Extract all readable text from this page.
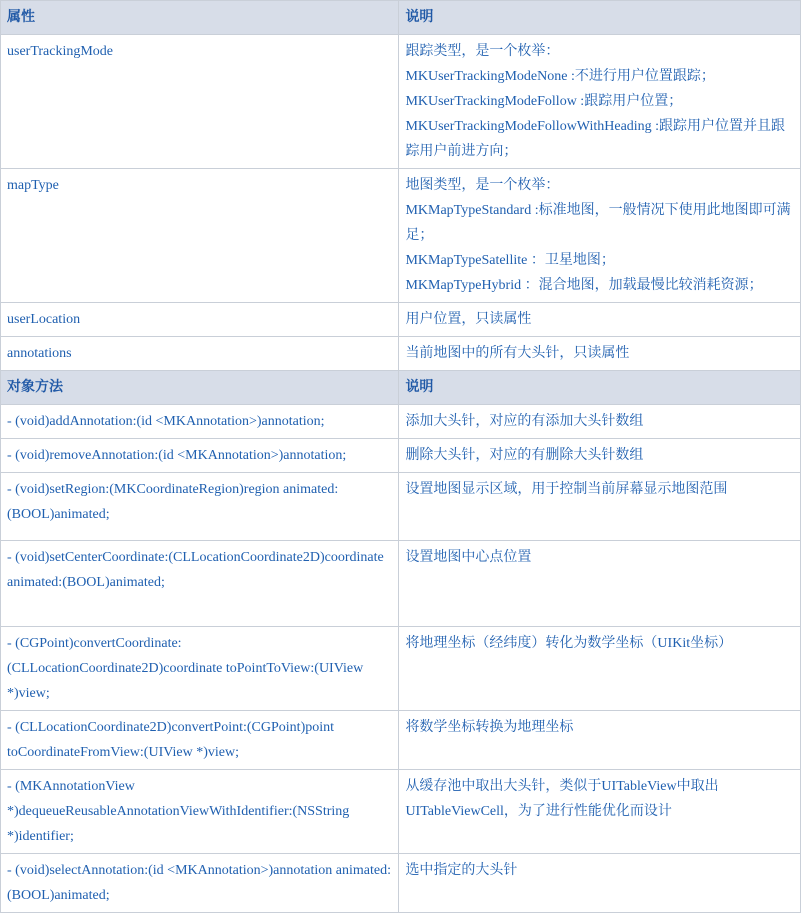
属性	说明
userTrackingMode	跟踪类型，是一个枚举：
MKUserTrackingModeNone :不进行用户位置跟踪；
MKUserTrackingModeFollow :跟踪用户位置；
MKUserTrackingModeFollowWithHeading :跟踪用户位置并且跟踪用户前进方向；

mapType	地图类型，是一个枚举：
MKMapTypeStandard :标准地图，一般情况下使用此地图即可满足；
MKMapTypeSatellite ：卫星地图；
MKMapTypeHybrid ：混合地图，加载最慢比较消耗资源；

userLocation	用户位置，只读属性

annotations	当前地图中的所有大头针，只读属性

对象方法	说明
- (void)addAnnotation:(id <MKAnnotation>)annotation;	添加大头针，对应的有添加大头针数组

- (void)removeAnnotation:(id <MKAnnotation>)annotation;	删除大头针，对应的有删除大头针数组

- (void)setRegion:(MKCoordinateRegion)region animated:(BOOL)animated;	设置地图显示区域，用于控制当前屏幕显示地图范围

- (void)setCenterCoordinate:(CLLocationCoordinate2D)coordinate animated:(BOOL)animated;	设置地图中心点位置

- (CGPoint)convertCoordinate:(CLLocationCoordinate2D)coordinate toPointToView:(UIView *)view;	将地理坐标（经纬度）转化为数学坐标（UIKit坐标）

- (CLLocationCoordinate2D)convertPoint:(CGPoint)point toCoordinateFromView:(UIView *)view;	将数学坐标转换为地理坐标

- (MKAnnotationView *)dequeueReusableAnnotationViewWithIdentifier:(NSString *)identifier;	从缓存池中取出大头针，类似于UITableView中取出UITableViewCell，为了进行性能优化而设计

- (void)selectAnnotation:(id <MKAnnotation>)annotation animated:(BOOL)animated;	选中指定的大头针
